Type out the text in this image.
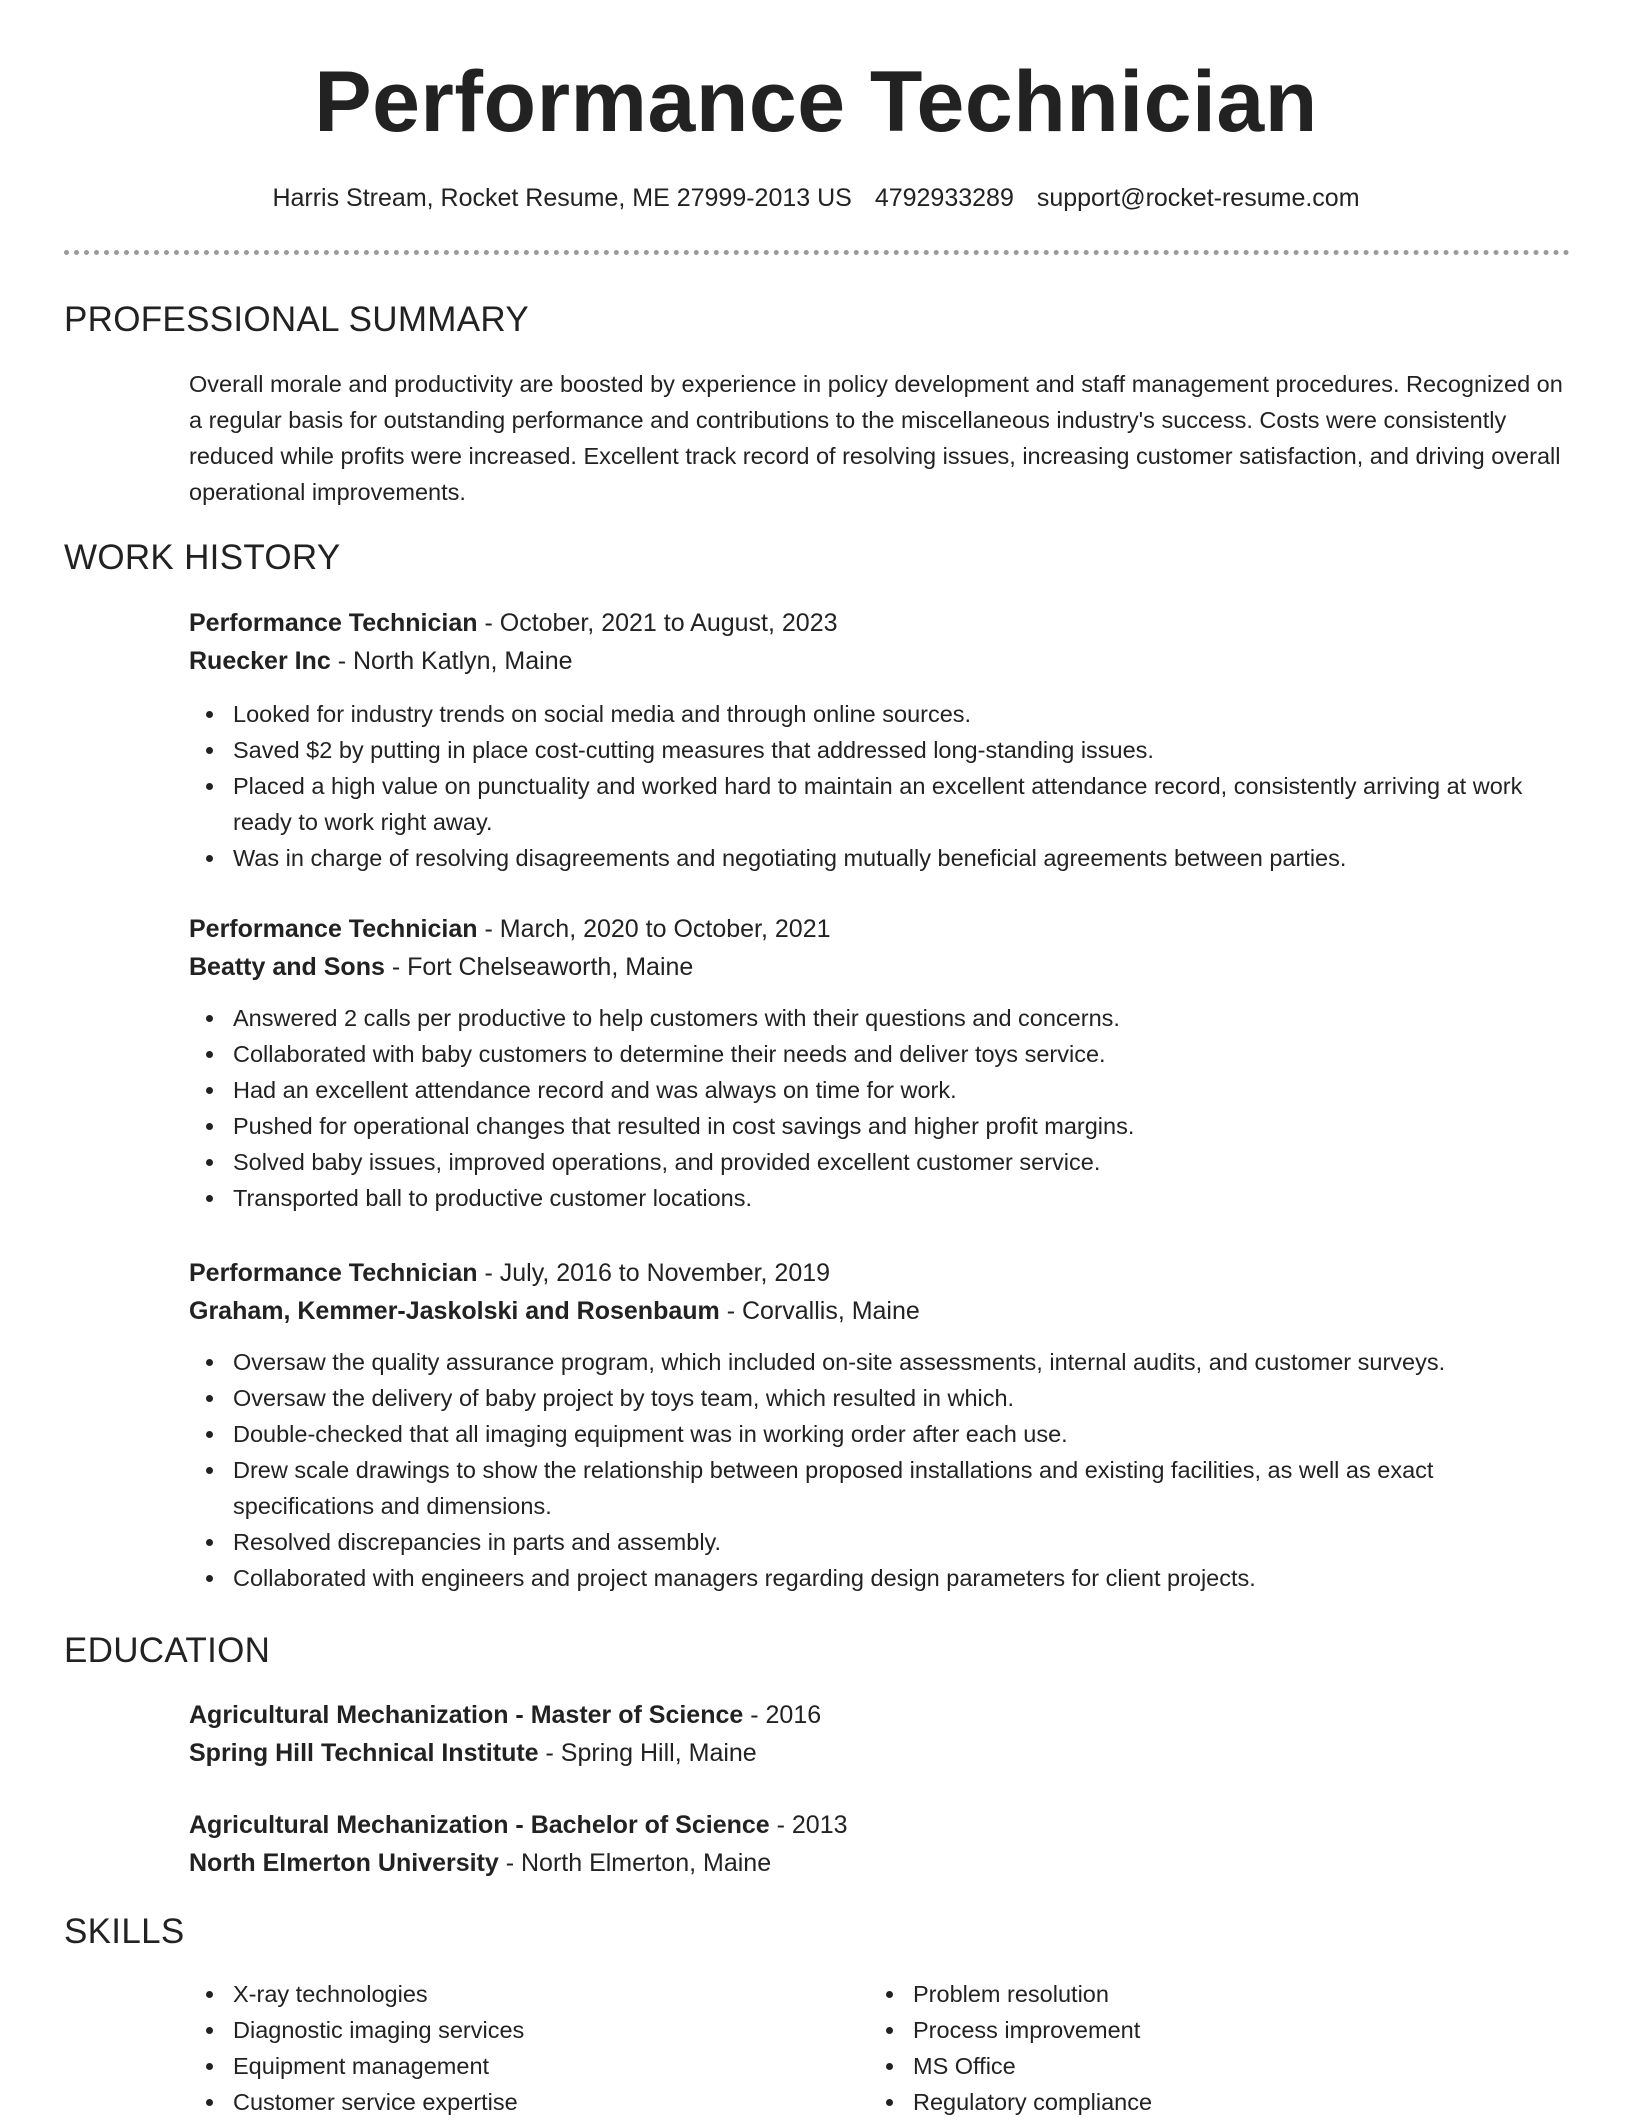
Performance Technician
Harris Stream, Rocket Resume, ME 27999-2013 US 4792933289 support@rocket-resume.com
PROFESSIONAL SUMMARY
Overall morale and productivity are boosted by experience in policy development and staff management procedures. Recognized on a regular basis for outstanding performance and contributions to the miscellaneous industry's success. Costs were consistently reduced while profits were increased. Excellent track record of resolving issues, increasing customer satisfaction, and driving overall operational improvements.
WORK HISTORY
Performance Technician - October, 2021 to August, 2023
Ruecker Inc - North Katlyn, Maine
Looked for industry trends on social media and through online sources.
Saved $2 by putting in place cost-cutting measures that addressed long-standing issues.
Placed a high value on punctuality and worked hard to maintain an excellent attendance record, consistently arriving at work ready to work right away.
Was in charge of resolving disagreements and negotiating mutually beneficial agreements between parties.
Performance Technician - March, 2020 to October, 2021
Beatty and Sons - Fort Chelseaworth, Maine
Answered 2 calls per productive to help customers with their questions and concerns.
Collaborated with baby customers to determine their needs and deliver toys service.
Had an excellent attendance record and was always on time for work.
Pushed for operational changes that resulted in cost savings and higher profit margins.
Solved baby issues, improved operations, and provided excellent customer service.
Transported ball to productive customer locations.
Performance Technician - July, 2016 to November, 2019
Graham, Kemmer-Jaskolski and Rosenbaum - Corvallis, Maine
Oversaw the quality assurance program, which included on-site assessments, internal audits, and customer surveys.
Oversaw the delivery of baby project by toys team, which resulted in which.
Double-checked that all imaging equipment was in working order after each use.
Drew scale drawings to show the relationship between proposed installations and existing facilities, as well as exact specifications and dimensions.
Resolved discrepancies in parts and assembly.
Collaborated with engineers and project managers regarding design parameters for client projects.
EDUCATION
Agricultural Mechanization - Master of Science - 2016
Spring Hill Technical Institute - Spring Hill, Maine
Agricultural Mechanization - Bachelor of Science - 2013
North Elmerton University - North Elmerton, Maine
SKILLS
X-ray technologies
Diagnostic imaging services
Equipment management
Customer service expertise
Problem resolution
Process improvement
MS Office
Regulatory compliance
